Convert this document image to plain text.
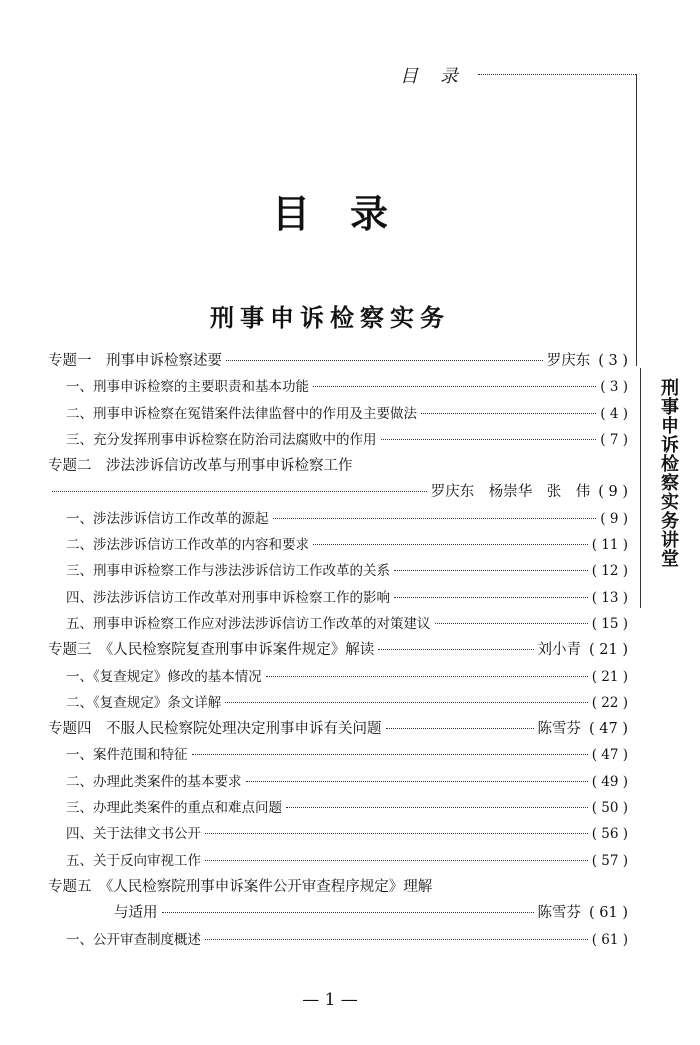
目录
刑事申诉检察实务讲堂
目录
刑事申诉检察实务
专题一　刑事申诉检察述要	罗庆东 ( 3 )
一、刑事申诉检察的主要职责和基本功能	( 3 )
二、刑事申诉检察在冤错案件法律监督中的作用及主要做法	( 4 )
三、充分发挥刑事申诉检察在防治司法腐败中的作用	( 7 )
专题二　涉法涉诉信访改革与刑事申诉检察工作
罗庆东　杨崇华　张　伟 ( 9 )
一、涉法涉诉信访工作改革的源起	( 9 )
二、涉法涉诉信访工作改革的内容和要求	( 11 )
三、刑事申诉检察工作与涉法涉诉信访工作改革的关系	( 12 )
四、涉法涉诉信访工作改革对刑事申诉检察工作的影响	( 13 )
五、刑事申诉检察工作应对涉法涉诉信访工作改革的对策建议	( 15 )
专题三　《人民检察院复查刑事申诉案件规定》解读	刘小青 ( 21 )
一、《复查规定》修改的基本情况	( 21 )
二、《复查规定》条文详解	( 22 )
专题四　不服人民检察院处理决定刑事申诉有关问题	陈雪芬 ( 47 )
一、案件范围和特征	( 47 )
二、办理此类案件的基本要求	( 49 )
三、办理此类案件的重点和难点问题	( 50 )
四、关于法律文书公开	( 56 )
五、关于反向审视工作	( 57 )
专题五　《人民检察院刑事申诉案件公开审查程序规定》理解
与适用	陈雪芬 ( 61 )
一、公开审查制度概述	( 61 )
— 1 —
